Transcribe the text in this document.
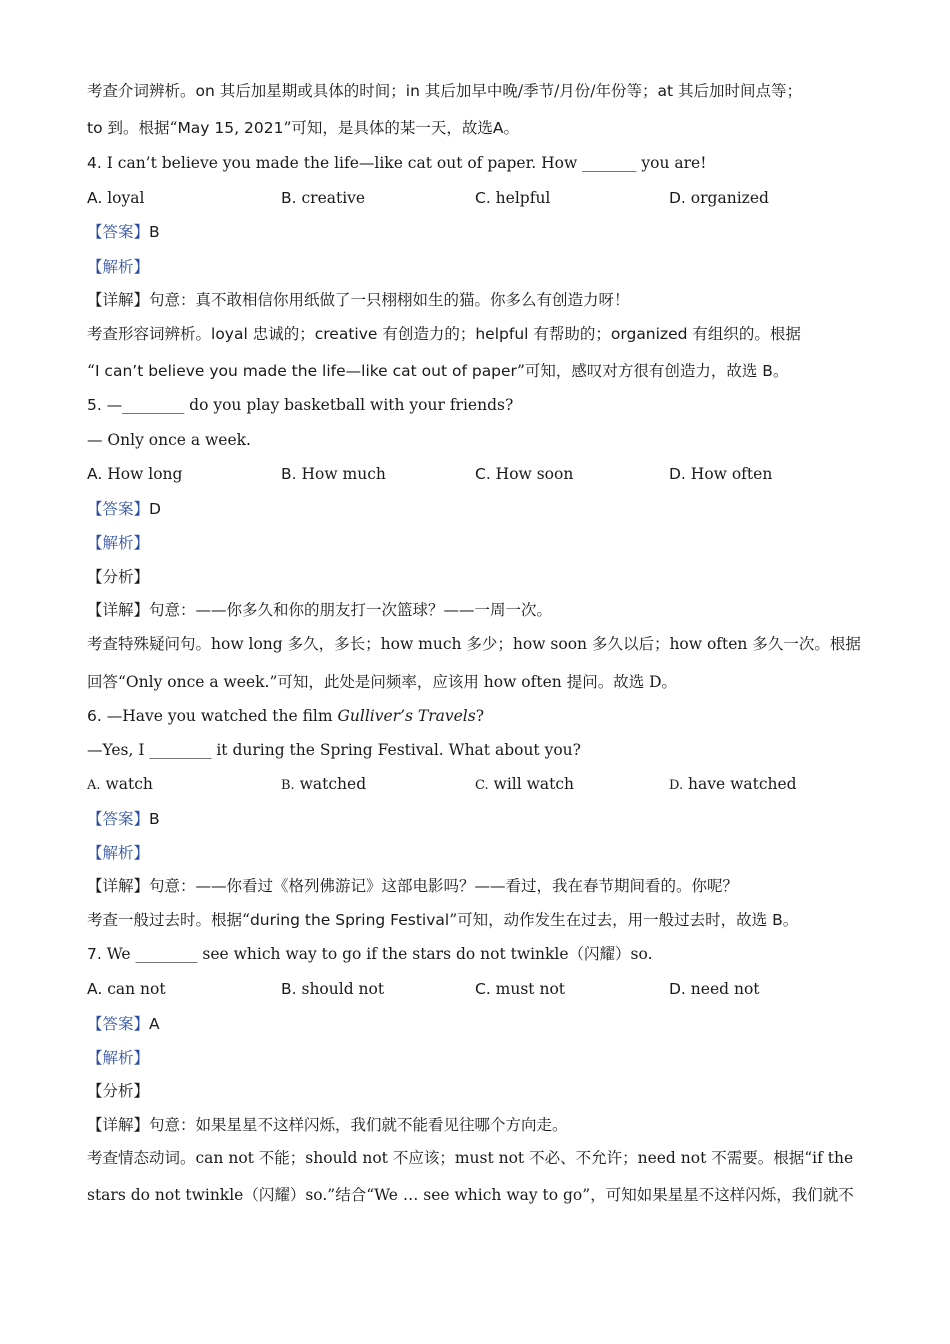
考查介词辨析。on 其后加星期或具体的时间；in 其后加早中晚/季节/月份/年份等；at 其后加时间点等；
to 到。根据“May 15, 2021”可知，是具体的某一天，故选A。
4. I can’t believe you made the life—like cat out of paper. How _______ you are!
A. loyal	B. creative	C. helpful	D. organized
【答案】B
【解析】
【详解】句意：真不敢相信你用纸做了一只栩栩如生的猫。你多么有创造力呀！
考查形容词辨析。loyal 忠诚的；creative 有创造力的；helpful 有帮助的；organized 有组织的。根据
“I can’t believe you made the life—like cat out of paper”可知，感叹对方很有创造力，故选 B。
5. —________ do you play basketball with your friends?
— Only once a week.
A. How long	B. How much	C. How soon	D. How often
【答案】D
【解析】
【分析】
【详解】句意：——你多久和你的朋友打一次篮球？——一周一次。
考查特殊疑问句。how long 多久，多长；how much 多少；how soon 多久以后；how often 多久一次。根据
回答“Only once a week.”可知，此处是问频率，应该用 how often 提问。故选 D。
6. —Have you watched the film Gulliver’s Travels?
—Yes, I ________ it during the Spring Festival. What about you?
A. watch	B. watched	C. will watch	D. have watched
【答案】B
【解析】
【详解】句意：——你看过《格列佛游记》这部电影吗？——看过，我在春节期间看的。你呢？
考查一般过去时。根据“during the Spring Festival”可知，动作发生在过去，用一般过去时，故选 B。
7. We ________ see which way to go if the stars do not twinkle（闪耀）so.
A. can not	B. should not	C. must not	D. need not
【答案】A
【解析】
【分析】
【详解】句意：如果星星不这样闪烁，我们就不能看见往哪个方向走。
考查情态动词。can not 不能；should not 不应该；must not 不必、不允许；need not 不需要。根据“if the
stars do not twinkle（闪耀）so.”结合“We … see which way to go”，可知如果星星不这样闪烁，我们就不
